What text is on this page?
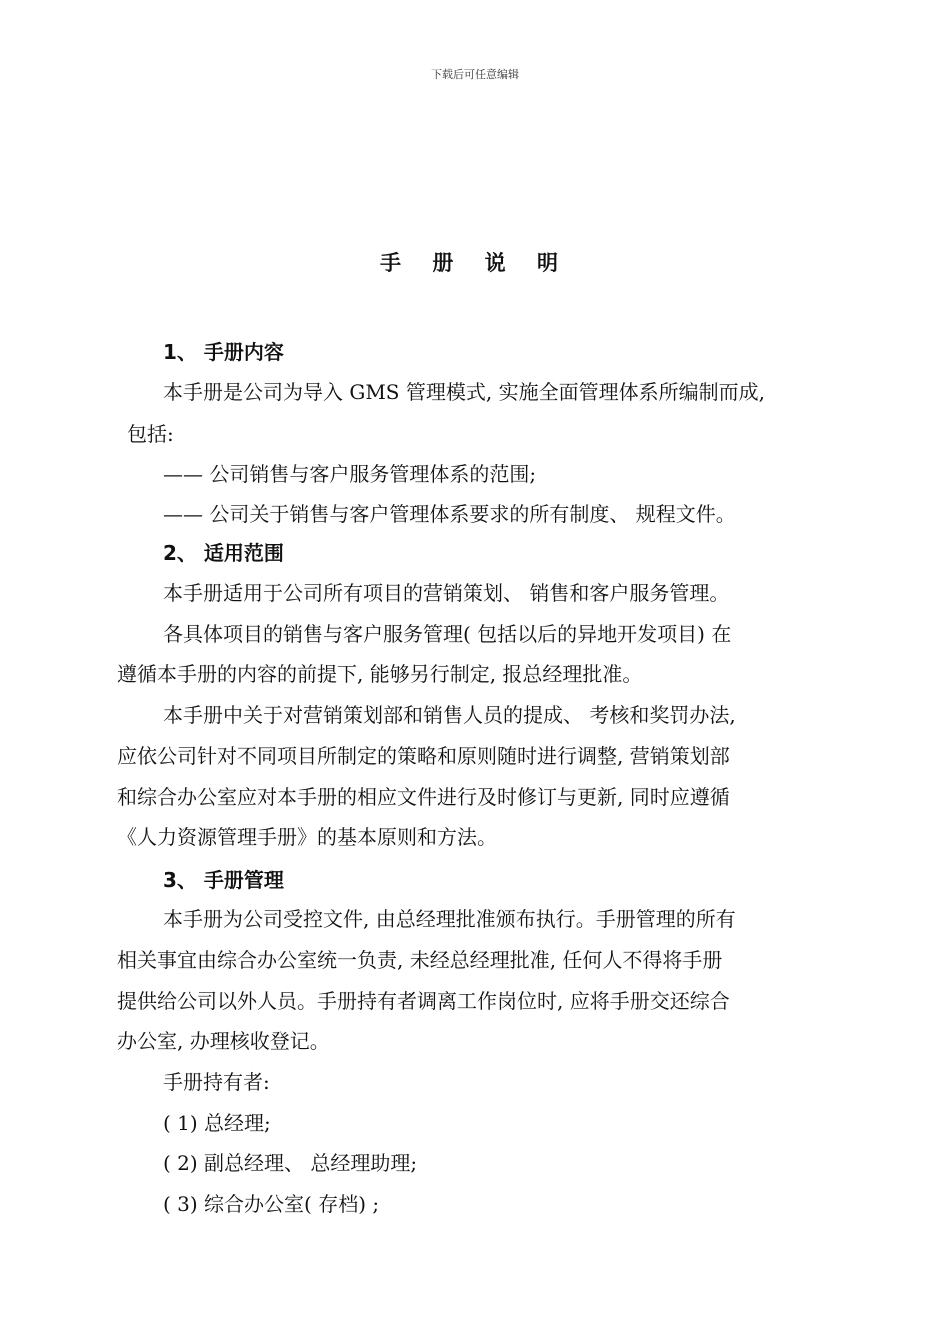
下载后可任意编辑
手 册 说 明
1、 手册内容
本手册是公司为导入 GMS 管理模式, 实施全面管理体系所编制而成,
包括:
—— 公司销售与客户服务管理体系的范围;
—— 公司关于销售与客户管理体系要求的所有制度、 规程文件。
2、 适用范围
本手册适用于公司所有项目的营销策划、 销售和客户服务管理。
各具体项目的销售与客户服务管理( 包括以后的异地开发项目) 在
遵循本手册的内容的前提下, 能够另行制定, 报总经理批准。
本手册中关于对营销策划部和销售人员的提成、 考核和奖罚办法,
应依公司针对不同项目所制定的策略和原则随时进行调整, 营销策划部
和综合办公室应对本手册的相应文件进行及时修订与更新, 同时应遵循
《人力资源管理手册》的基本原则和方法。
3、 手册管理
本手册为公司受控文件, 由总经理批准颁布执行。手册管理的所有
相关事宜由综合办公室统一负责, 未经总经理批准, 任何人不得将手册
提供给公司以外人员。手册持有者调离工作岗位时, 应将手册交还综合
办公室, 办理核收登记。
手册持有者:
( 1) 总经理;
( 2) 副总经理、 总经理助理;
( 3) 综合办公室( 存档) ;
